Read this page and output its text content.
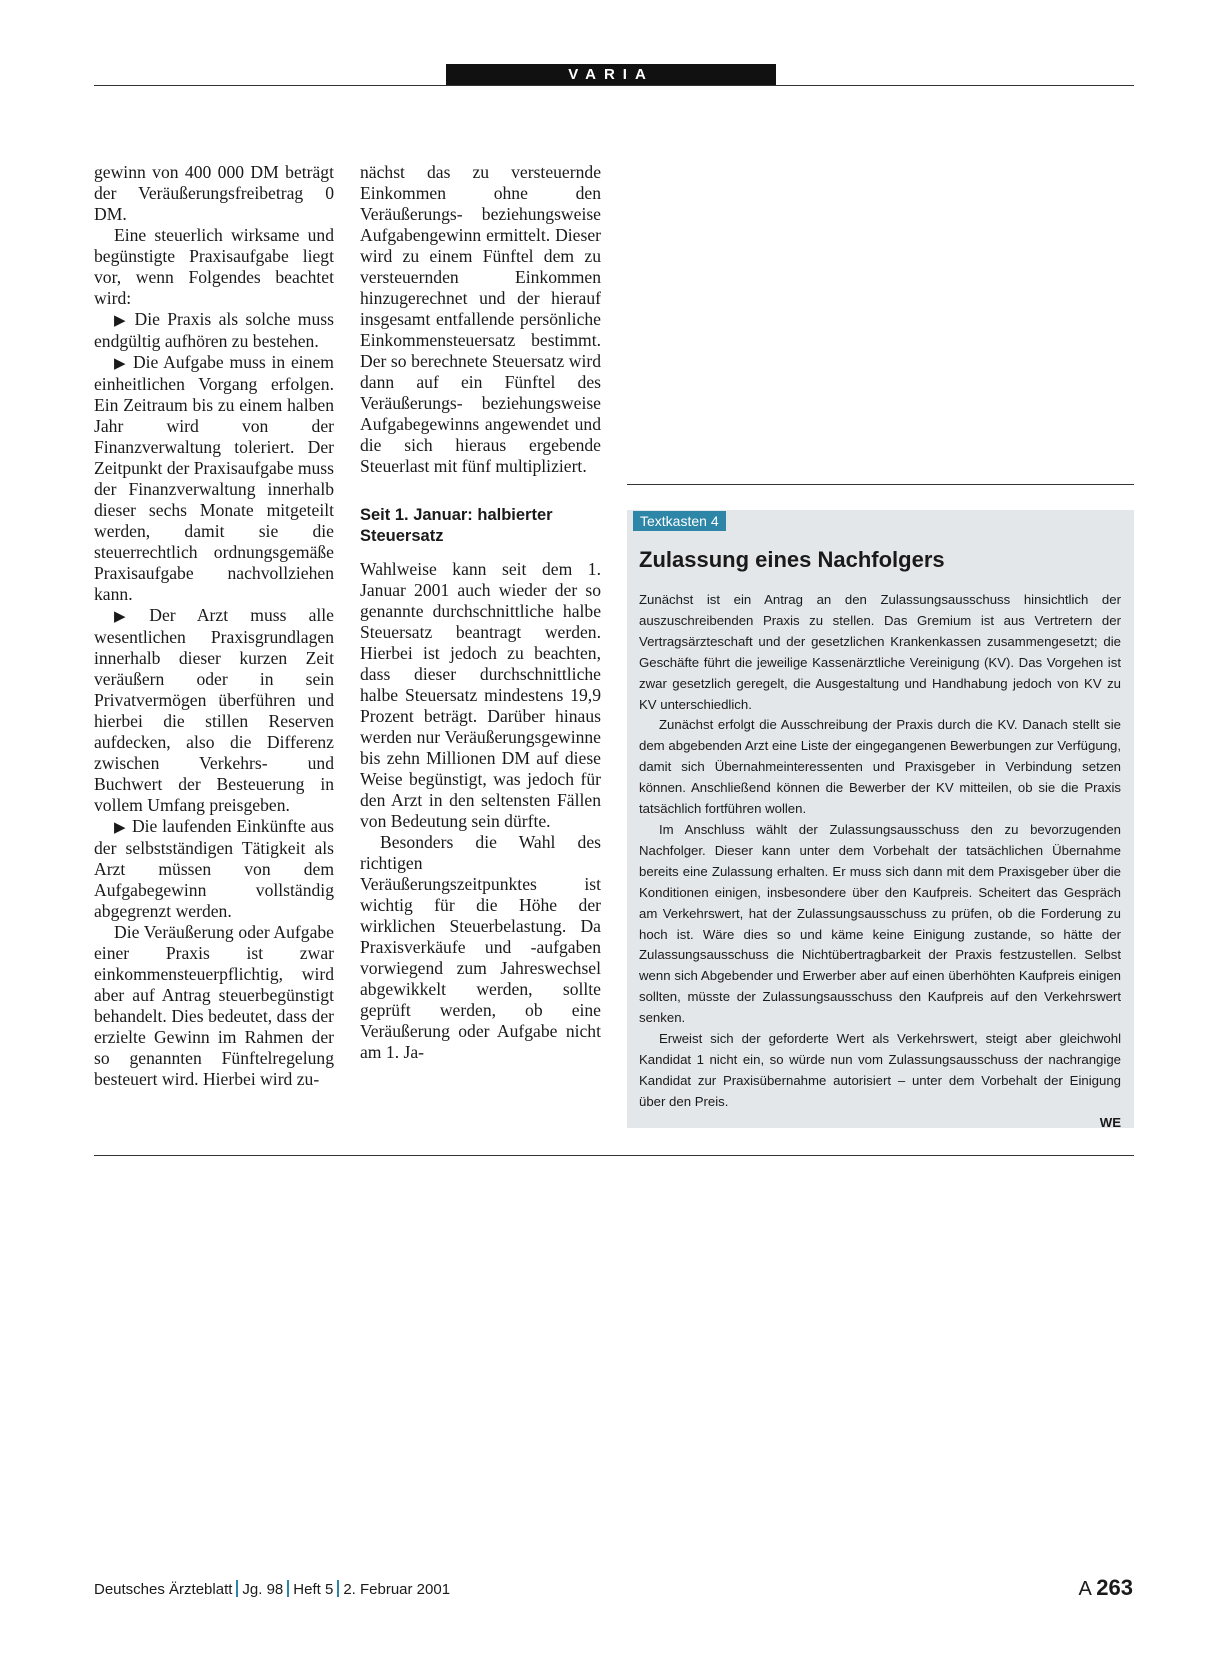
VARIA

gewinn von 400 000 DM beträgt der Veräußerungsfreibetrag 0 DM.

Eine steuerlich wirksame und begünstigte Praxisaufgabe liegt vor, wenn Folgendes beachtet wird:

▶ Die Praxis als solche muss endgültig aufhören zu bestehen.

▶ Die Aufgabe muss in einem einheitlichen Vorgang erfolgen. Ein Zeitraum bis zu einem halben Jahr wird von der Finanzverwaltung toleriert. Der Zeitpunkt der Praxisaufgabe muss der Finanzverwaltung innerhalb dieser sechs Monate mitgeteilt werden, damit sie die steuerrechtlich ordnungsgemäße Praxisaufgabe nachvollziehen kann.

▶ Der Arzt muss alle wesentlichen Praxisgrundlagen innerhalb dieser kurzen Zeit veräußern oder in sein Privatvermögen überführen und hierbei die stillen Reserven aufdecken, also die Differenz zwischen Verkehrs- und Buchwert der Besteuerung in vollem Umfang preisgeben.

▶ Die laufenden Einkünfte aus der selbstständigen Tätigkeit als Arzt müssen von dem Aufgabegewinn vollständig abgegrenzt werden.

Die Veräußerung oder Aufgabe einer Praxis ist zwar einkommensteuerpflichtig, wird aber auf Antrag steuerbegünstigt behandelt. Dies bedeutet, dass der erzielte Gewinn im Rahmen der so genannten Fünftelregelung besteuert wird. Hierbei wird zu-

nächst das zu versteuernde Einkommen ohne den Veräußerungs- beziehungsweise Aufgabengewinn ermittelt. Dieser wird zu einem Fünftel dem zu versteuernden Einkommen hinzugerechnet und der hierauf insgesamt entfallende persönliche Einkommensteuersatz bestimmt. Der so berechnete Steuersatz wird dann auf ein Fünftel des Veräußerungs- beziehungsweise Aufgabegewinns angewendet und die sich hieraus ergebende Steuerlast mit fünf multipliziert.

Seit 1. Januar: halbierter Steuersatz

Wahlweise kann seit dem 1. Januar 2001 auch wieder der so genannte durchschnittliche halbe Steuersatz beantragt werden. Hierbei ist jedoch zu beachten, dass dieser durchschnittliche halbe Steuersatz mindestens 19,9 Prozent beträgt. Darüber hinaus werden nur Veräußerungsgewinne bis zehn Millionen DM auf diese Weise begünstigt, was jedoch für den Arzt in den seltensten Fällen von Bedeutung sein dürfte.

Besonders die Wahl des richtigen Veräußerungszeitpunktes ist wichtig für die Höhe der wirklichen Steuerbelastung. Da Praxisverkäufe und -aufgaben vorwiegend zum Jahreswechsel abgewikkelt werden, sollte geprüft werden, ob eine Veräußerung oder Aufgabe nicht am 1. Ja-

Textkasten 4
Zulassung eines Nachfolgers

Zunächst ist ein Antrag an den Zulassungsausschuss hinsichtlich der auszuschreibenden Praxis zu stellen. Das Gremium ist aus Vertretern der Vertragsärzteschaft und der gesetzlichen Krankenkassen zusammengesetzt; die Geschäfte führt die jeweilige Kassenärztliche Vereinigung (KV). Das Vorgehen ist zwar gesetzlich geregelt, die Ausgestaltung und Handhabung jedoch von KV zu KV unterschiedlich.

Zunächst erfolgt die Ausschreibung der Praxis durch die KV. Danach stellt sie dem abgebenden Arzt eine Liste der eingegangenen Bewerbungen zur Verfügung, damit sich Übernahmeinteressenten und Praxisgeber in Verbindung setzen können. Anschließend können die Bewerber der KV mitteilen, ob sie die Praxis tatsächlich fortführen wollen.

Im Anschluss wählt der Zulassungsausschuss den zu bevorzugenden Nachfolger. Dieser kann unter dem Vorbehalt der tatsächlichen Übernahme bereits eine Zulassung erhalten. Er muss sich dann mit dem Praxisgeber über die Konditionen einigen, insbesondere über den Kaufpreis. Scheitert das Gespräch am Verkehrswert, hat der Zulassungsausschuss zu prüfen, ob die Forderung zu hoch ist. Wäre dies so und käme keine Einigung zustande, so hätte der Zulassungsausschuss die Nichtübertragbarkeit der Praxis festzustellen. Selbst wenn sich Abgebender und Erwerber aber auf einen überhöhten Kaufpreis einigen sollten, müsste der Zulassungsausschuss den Kaufpreis auf den Verkehrswert senken.

Erweist sich der geforderte Wert als Verkehrswert, steigt aber gleichwohl Kandidat 1 nicht ein, so würde nun vom Zulassungsausschuss der nachrangige Kandidat zur Praxisübernahme autorisiert – unter dem Vorbehalt der Einigung über den Preis.

WE

Deutsches Ärzteblatt Jg. 98 Heft 5 2. Februar 2001	A 263
